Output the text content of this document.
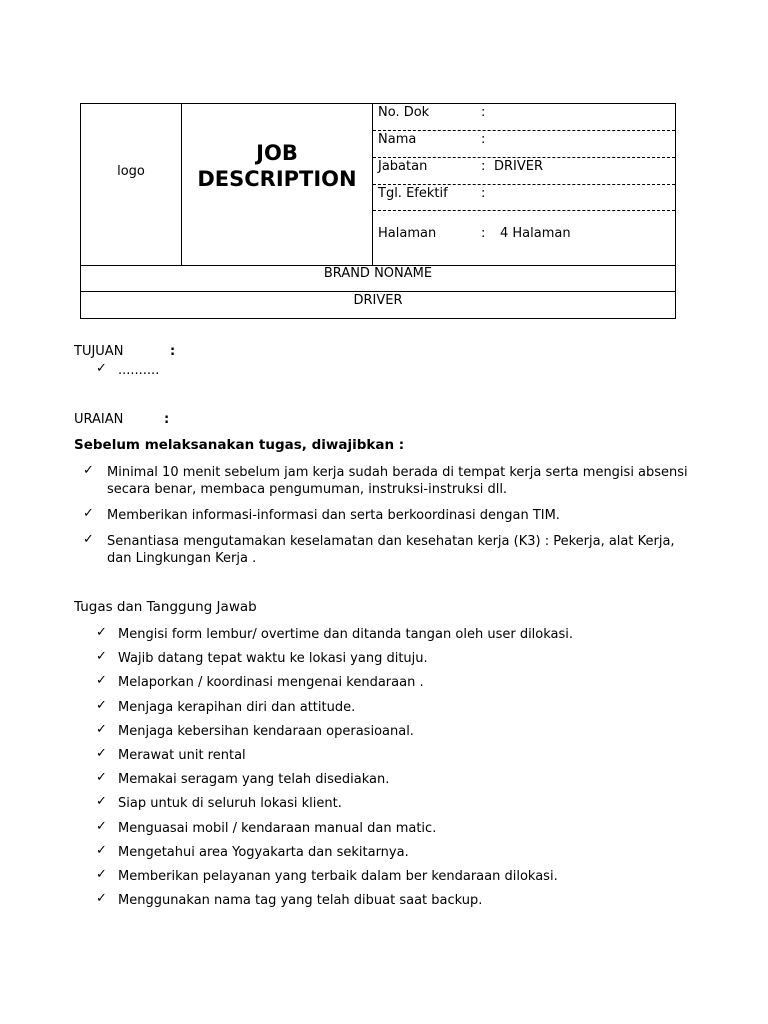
logo
JOB
DESCRIPTION
No. Dok	:
Nama	:
Jabatan	: DRIVER
Tgl. Efektif	:
Halaman	: 4 Halaman
BRAND NONAME
DRIVER
TUJUAN	:
✓ ..........
URAIAN	:
Sebelum melaksanakan tugas, diwajibkan :
✓ Minimal 10 menit sebelum jam kerja sudah berada di tempat kerja serta mengisi absensi
secara benar, membaca pengumuman, instruksi-instruksi dll.
✓ Memberikan informasi-informasi dan serta berkoordinasi dengan TIM.
✓ Senantiasa mengutamakan keselamatan dan kesehatan kerja (K3) : Pekerja, alat Kerja,
dan Lingkungan Kerja .
Tugas dan Tanggung Jawab
✓ Mengisi form lembur/ overtime dan ditanda tangan oleh user dilokasi.
✓ Wajib datang tepat waktu ke lokasi yang dituju.
✓ Melaporkan / koordinasi mengenai kendaraan .
✓ Menjaga kerapihan diri dan attitude.
✓ Menjaga kebersihan kendaraan operasioanal.
✓ Merawat unit rental
✓ Memakai seragam yang telah disediakan.
✓ Siap untuk di seluruh lokasi klient.
✓ Menguasai mobil / kendaraan manual dan matic.
✓ Mengetahui area Yogyakarta dan sekitarnya.
✓ Memberikan pelayanan yang terbaik dalam ber kendaraan dilokasi.
✓ Menggunakan nama tag yang telah dibuat saat backup.
